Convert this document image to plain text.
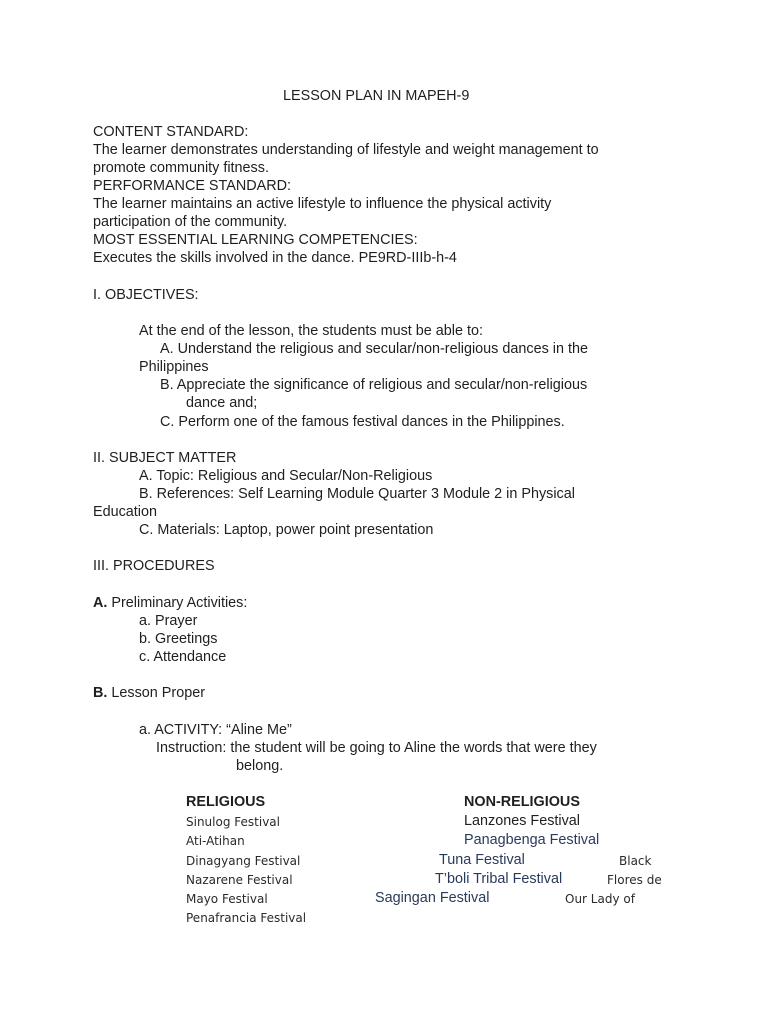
LESSON PLAN IN MAPEH-9
CONTENT STANDARD:
The learner demonstrates understanding of lifestyle and weight management to
promote community fitness.
PERFORMANCE STANDARD:
The learner maintains an active lifestyle to influence the physical activity
participation of the community.
MOST ESSENTIAL LEARNING COMPETENCIES:
Executes the skills involved in the dance. PE9RD-IIIb-h-4
I. OBJECTIVES:
At the end of the lesson, the students must be able to:
A. Understand the religious and secular/non-religious dances in the
Philippines
B. Appreciate the significance of religious and secular/non-religious
dance and;
C. Perform one of the famous festival dances in the Philippines.
II. SUBJECT MATTER
A. Topic: Religious and Secular/Non-Religious
B. References: Self Learning Module Quarter 3 Module 2 in Physical
Education
C. Materials: Laptop, power point presentation
III. PROCEDURES
A. Preliminary Activities:
a. Prayer
b. Greetings
c. Attendance
B. Lesson Proper
a. ACTIVITY: “Aline Me”
Instruction: the student will be going to Aline the words that were they
belong.
RELIGIOUS	NON-RELIGIOUS
Sinulog Festival
Ati-Atihan
Dinagyang Festival
Nazarene Festival
Mayo Festival
Penafrancia Festival
Lanzones Festival
Panagbenga Festival
Tuna Festival
T’boli Tribal Festival
Sagingan Festival
Black
Flores de
Our Lady of
